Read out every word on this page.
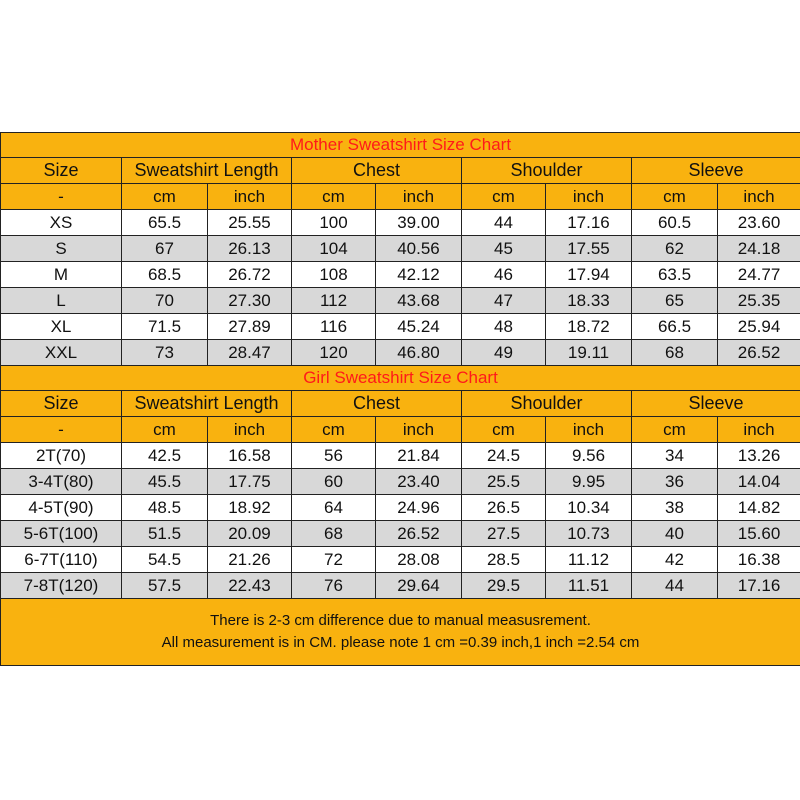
Mother Sweatshirt Size Chart								
Size	Sweatshirt Length		Chest		Shoulder		Sleeve	
-	cm	inch	cm	inch	cm	inch	cm	inch
XS	65.5	25.55	100	39.00	44	17.16	60.5	23.60
S	67	26.13	104	40.56	45	17.55	62	24.18
M	68.5	26.72	108	42.12	46	17.94	63.5	24.77
L	70	27.30	112	43.68	47	18.33	65	25.35
XL	71.5	27.89	116	45.24	48	18.72	66.5	25.94
XXL	73	28.47	120	46.80	49	19.11	68	26.52
Girl Sweatshirt Size Chart								
Size	Sweatshirt Length		Chest		Shoulder		Sleeve	
-	cm	inch	cm	inch	cm	inch	cm	inch
2T(70)	42.5	16.58	56	21.84	24.5	9.56	34	13.26
3-4T(80)	45.5	17.75	60	23.40	25.5	9.95	36	14.04
4-5T(90)	48.5	18.92	64	24.96	26.5	10.34	38	14.82
5-6T(100)	51.5	20.09	68	26.52	27.5	10.73	40	15.60
6-7T(110)	54.5	21.26	72	28.08	28.5	11.12	42	16.38
7-8T(120)	57.5	22.43	76	29.64	29.5	11.51	44	17.16

There is 2-3 cm difference due to manual measusrement.
All measurement is in CM. please note 1 cm =0.39 inch,1 inch =2.54 cm								
